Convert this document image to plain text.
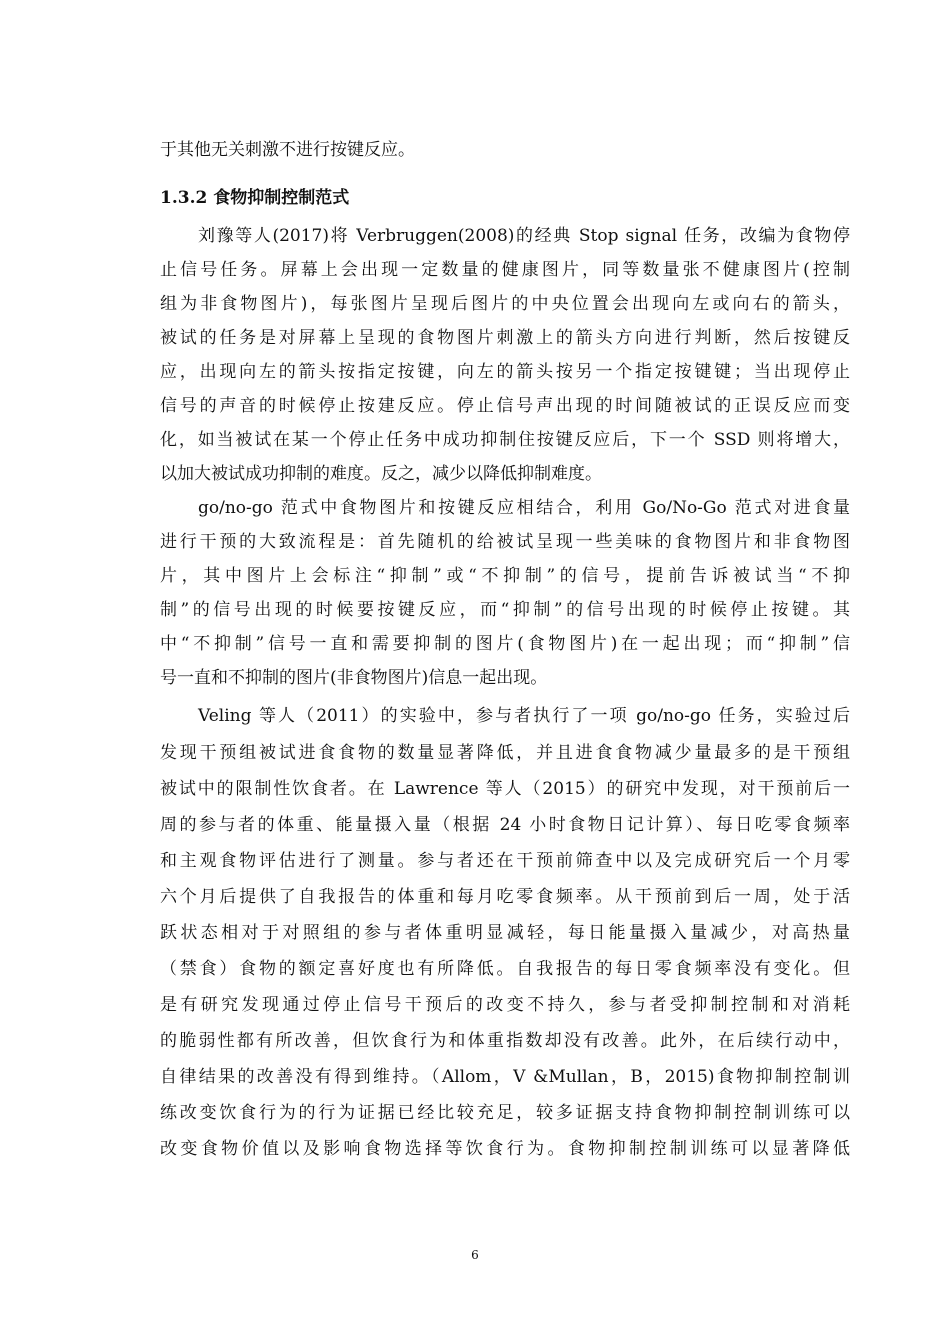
于其他无关刺激不进行按键反应。
1.3.2 食物抑制控制范式
刘豫等人(2017)将 Verbruggen(2008)的经典 Stop signal 任务，改编为食物停
止信号任务。屏幕上会出现一定数量的健康图片，同等数量张不健康图片(控制
组为非食物图片)，每张图片呈现后图片的中央位置会出现向左或向右的箭头，
被试的任务是对屏幕上呈现的食物图片刺激上的箭头方向进行判断，然后按键反
应，出现向左的箭头按指定按键，向左的箭头按另一个指定按键键；当出现停止
信号的声音的时候停止按建反应。停止信号声出现的时间随被试的正误反应而变
化，如当被试在某一个停止任务中成功抑制住按键反应后，下一个 SSD 则将增大，
以加大被试成功抑制的难度。反之，减少以降低抑制难度。
go/no-go 范式中食物图片和按键反应相结合，利用 Go/No-Go 范式对进食量
进行干预的大致流程是：首先随机的给被试呈现一些美味的食物图片和非食物图
片，其中图片上会标注“抑制”或“不抑制”的信号，提前告诉被试当“不抑
制”的信号出现的时候要按键反应，而“抑制”的信号出现的时候停止按键。其
中“不抑制”信号一直和需要抑制的图片(食物图片)在一起出现；而“抑制”信
号一直和不抑制的图片(非食物图片)信息一起出现。
Veling 等人（2011）的实验中，参与者执行了一项 go/no-go 任务，实验过后
发现干预组被试进食食物的数量显著降低，并且进食食物减少量最多的是干预组
被试中的限制性饮食者。在 Lawrence 等人（2015）的研究中发现，对干预前后一
周的参与者的体重、能量摄入量（根据 24 小时食物日记计算）、每日吃零食频率
和主观食物评估进行了测量。参与者还在干预前筛查中以及完成研究后一个月零
六个月后提供了自我报告的体重和每月吃零食频率。从干预前到后一周，处于活
跃状态相对于对照组的参与者体重明显减轻，每日能量摄入量减少，对高热量
（禁食）食物的额定喜好度也有所降低。自我报告的每日零食频率没有变化。但
是有研究发现通过停止信号干预后的改变不持久，参与者受抑制控制和对消耗
的脆弱性都有所改善，但饮食行为和体重指数却没有改善。此外，在后续行动中，
自律结果的改善没有得到维持。（Allom，V &Mullan，B，2015)食物抑制控制训
练改变饮食行为的行为证据已经比较充足，较多证据支持食物抑制控制训练可以
改变食物价值以及影响食物选择等饮食行为。食物抑制控制训练可以显著降低
6
